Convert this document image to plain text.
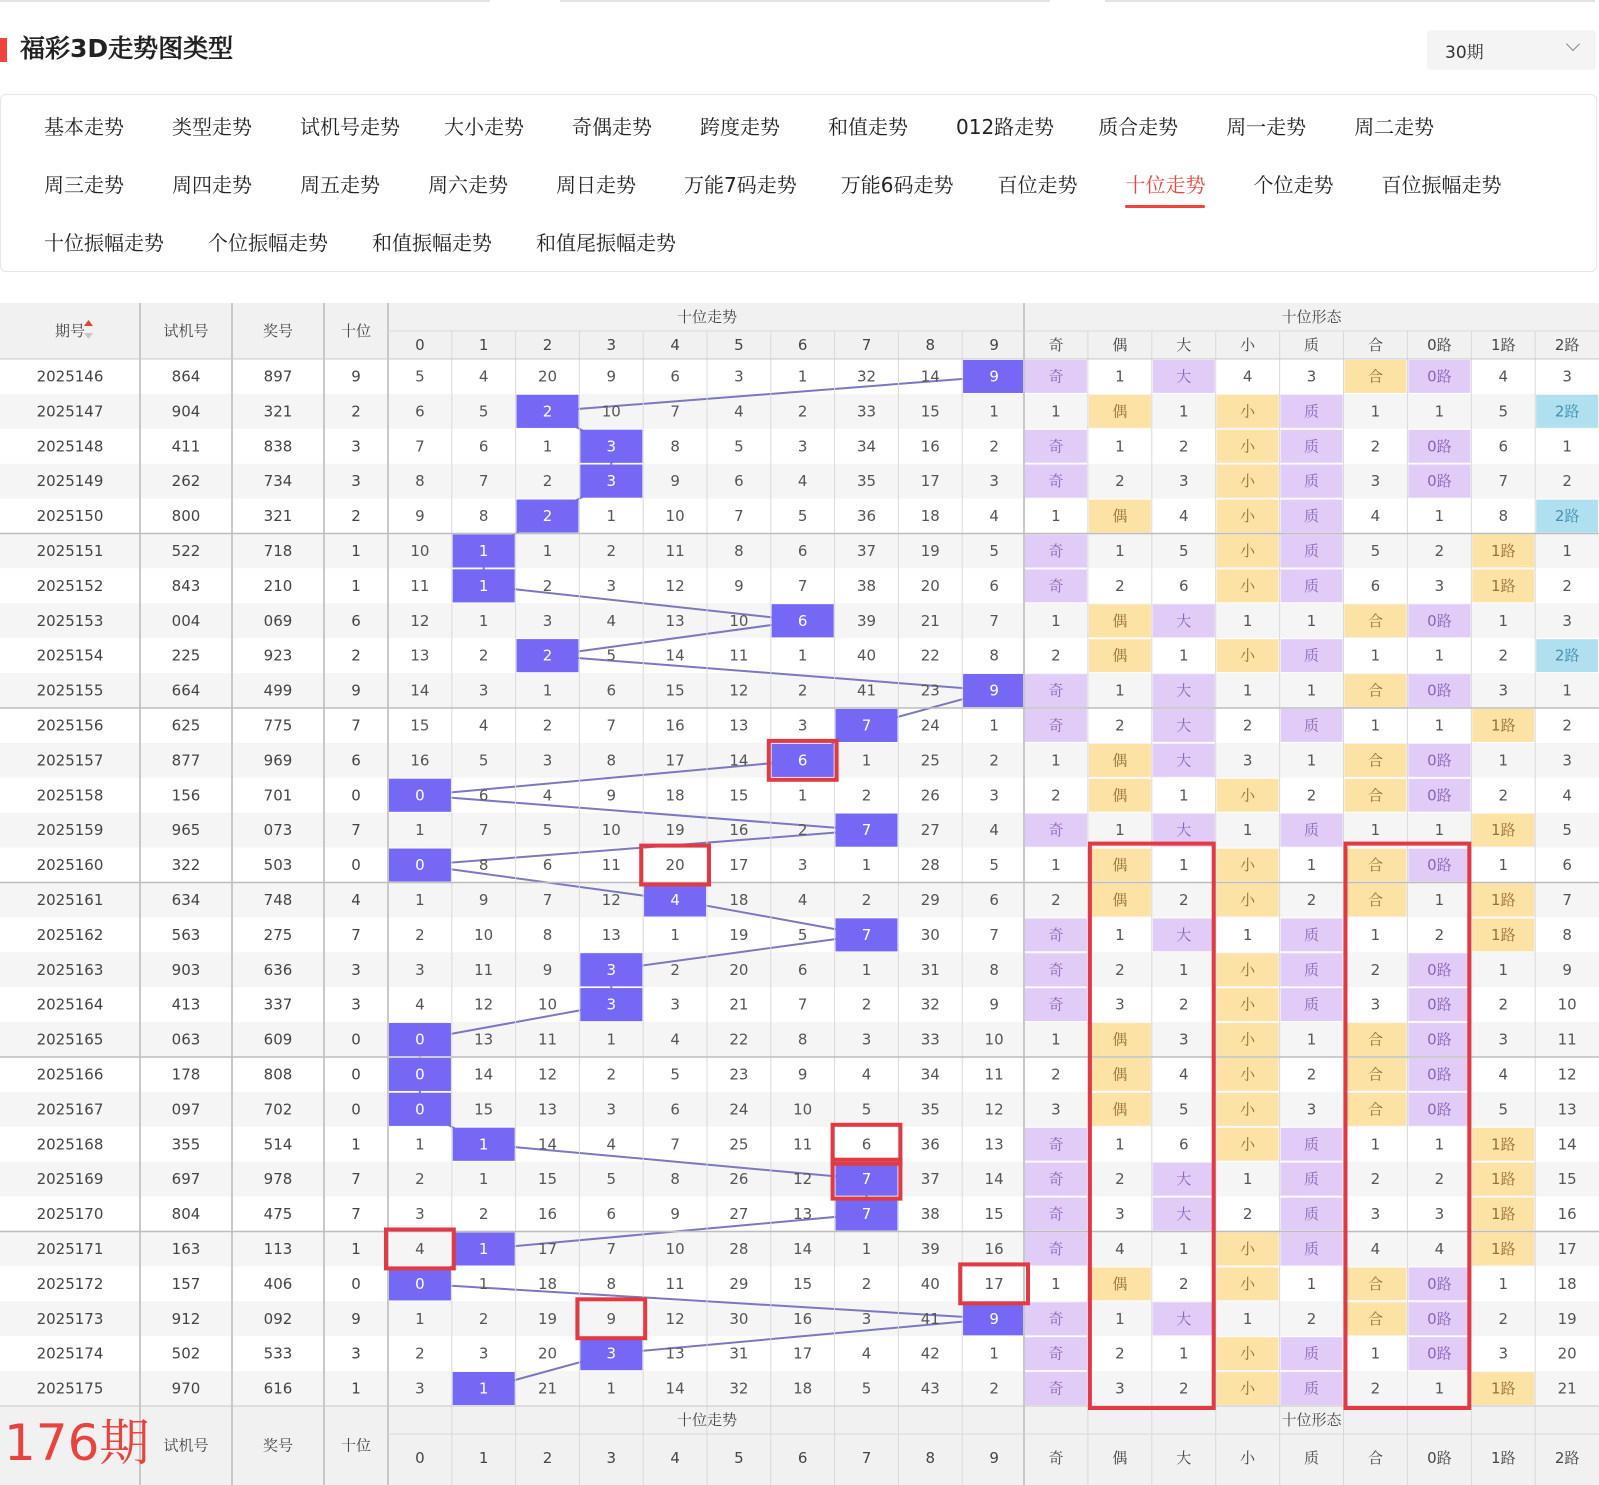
福彩3D走势图类型	30期
基本走势 类型走势 试机号走势 大小走势 奇偶走势 跨度走势 和值走势 012路走势 质合走势 周一走势 周二走势
周三走势 周四走势 周五走势 周六走势 周日走势 万能7码走势 万能6码走势 百位走势 十位走势 个位走势 百位振幅走势
十位振幅走势 个位振幅走势 和值振幅走势 和值尾振幅走势
期号	试机号	奖号	十位
十位走势	十位形态
0	1	2	3	4	5	6	7	8	9	奇	偶	大	小	质	合	0路	1路	2路
试机号	奖号	十位
十位走势	十位形态
0	1	2	3	4	5	6	7	8	9	奇	偶	大	小	质	合	0路	1路	2路
2025146	864	897	9	5	4	20	9	6	3	1	32	14	9	奇	1	大	4	3	合	0路	4	3
2025147	904	321	2	6	5	2	10	7	4	2	33	15	1	1	偶	1	小	质	1	1	5	2路
2025148	411	838	3	7	6	1	3	8	5	3	34	16	2	奇	1	2	小	质	2	0路	6	1
2025149	262	734	3	8	7	2	3	9	6	4	35	17	3	奇	2	3	小	质	3	0路	7	2
2025150	800	321	2	9	8	2	1	10	7	5	36	18	4	1	偶	4	小	质	4	1	8	2路
2025151	522	718	1	10	1	1	2	11	8	6	37	19	5	奇	1	5	小	质	5	2	1路	1
2025152	843	210	1	11	1	2	3	12	9	7	38	20	6	奇	2	6	小	质	6	3	1路	2
2025153	004	069	6	12	1	3	4	13	10	6	39	21	7	1	偶	大	1	1	合	0路	1	3
2025154	225	923	2	13	2	2	5	14	11	1	40	22	8	2	偶	1	小	质	1	1	2	2路
2025155	664	499	9	14	3	1	6	15	12	2	41	23	9	奇	1	大	1	1	合	0路	3	1
2025156	625	775	7	15	4	2	7	16	13	3	7	24	1	奇	2	大	2	质	1	1	1路	2
2025157	877	969	6	16	5	3	8	17	14	6	1	25	2	1	偶	大	3	1	合	0路	1	3
2025158	156	701	0	0	6	4	9	18	15	1	2	26	3	2	偶	1	小	2	合	0路	2	4
2025159	965	073	7	1	7	5	10	19	16	2	7	27	4	奇	1	大	1	质	1	1	1路	5
2025160	322	503	0	0	8	6	11	20	17	3	1	28	5	1	偶	1	小	1	合	0路	1	6
2025161	634	748	4	1	9	7	12	4	18	4	2	29	6	2	偶	2	小	2	合	1	1路	7
2025162	563	275	7	2	10	8	13	1	19	5	7	30	7	奇	1	大	1	质	1	2	1路	8
2025163	903	636	3	3	11	9	3	2	20	6	1	31	8	奇	2	1	小	质	2	0路	1	9
2025164	413	337	3	4	12	10	3	3	21	7	2	32	9	奇	3	2	小	质	3	0路	2	10
2025165	063	609	0	0	13	11	1	4	22	8	3	33	10	1	偶	3	小	1	合	0路	3	11
2025166	178	808	0	0	14	12	2	5	23	9	4	34	11	2	偶	4	小	2	合	0路	4	12
2025167	097	702	0	0	15	13	3	6	24	10	5	35	12	3	偶	5	小	3	合	0路	5	13
2025168	355	514	1	1	1	14	4	7	25	11	6	36	13	奇	1	6	小	质	1	1	1路	14
2025169	697	978	7	2	1	15	5	8	26	12	7	37	14	奇	2	大	1	质	2	2	1路	15
2025170	804	475	7	3	2	16	6	9	27	13	7	38	15	奇	3	大	2	质	3	3	1路	16
2025171	163	113	1	4	1	17	7	10	28	14	1	39	16	奇	4	1	小	质	4	4	1路	17
2025172	157	406	0	0	1	18	8	11	29	15	2	40	17	1	偶	2	小	1	合	0路	1	18
2025173	912	092	9	1	2	19	9	12	30	16	3	41	9	奇	1	大	1	2	合	0路	2	19
2025174	502	533	3	2	3	20	3	13	31	17	4	42	1	奇	2	1	小	质	1	0路	3	20
2025175	970	616	1	3	1	21	1	14	32	18	5	43	2	奇	3	2	小	质	2	1	1路	21
176期
